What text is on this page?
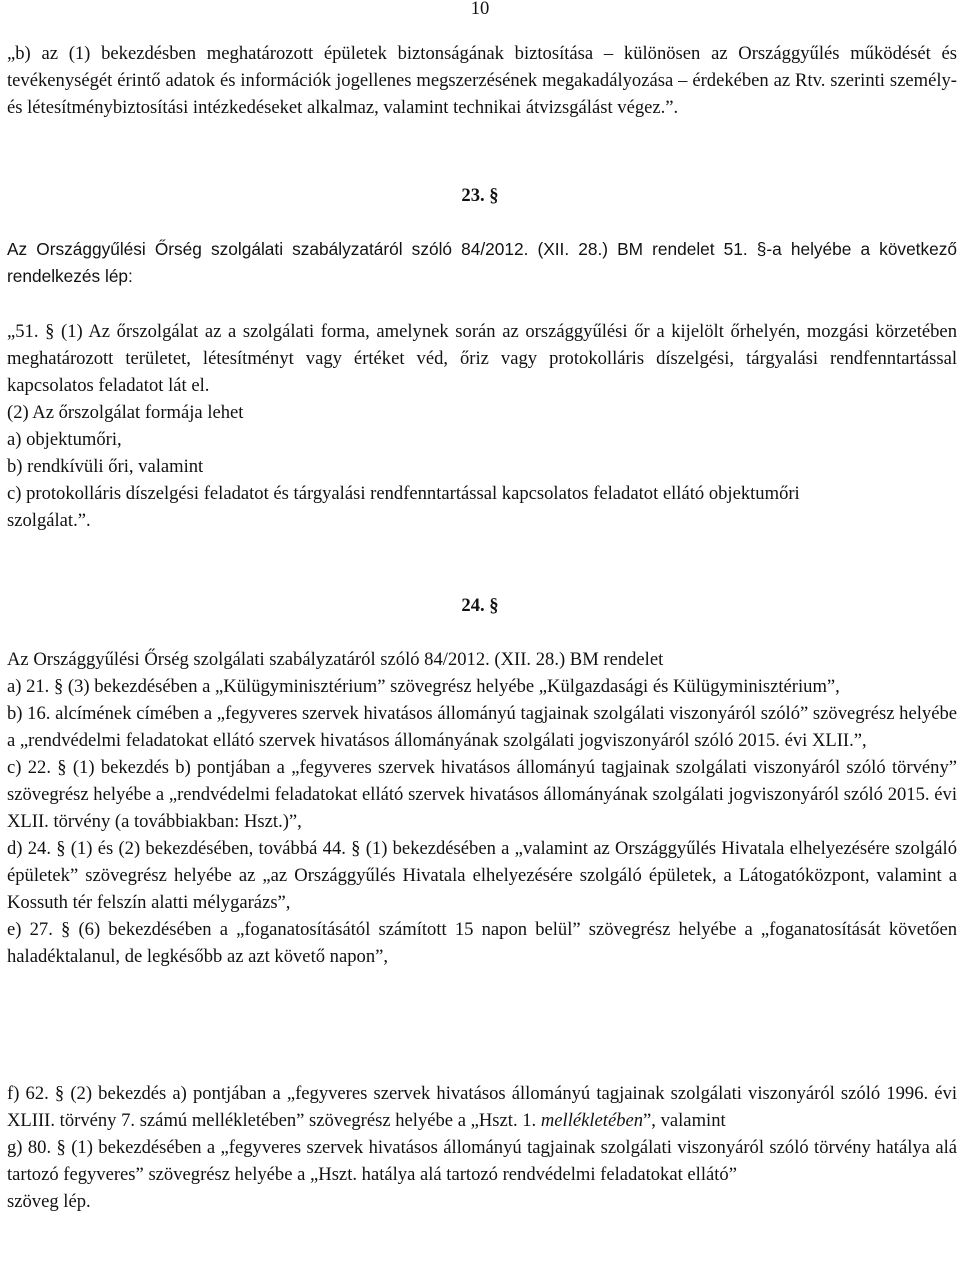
10

„b) az (1) bekezdésben meghatározott épületek biztonságának biztosítása – különösen az Országgyűlés működését és tevékenységét érintő adatok és információk jogellenes megszerzésének megakadályozása – érdekében az Rtv. szerinti személy- és létesítménybiztosítási intézkedéseket alkalmaz, valamint technikai átvizsgálást végez.”.

23. §

Az Országgyűlési Őrség szolgálati szabályzatáról szóló 84/2012. (XII. 28.) BM rendelet 51. §-a helyébe a következő rendelkezés lép:

„51. § (1) Az őrszolgálat az a szolgálati forma, amelynek során az országgyűlési őr a kijelölt őrhelyén, mozgási körzetében meghatározott területet, létesítményt vagy értéket véd, őriz vagy protokolláris díszelgési, tárgyalási rendfenntartással kapcsolatos feladatot lát el.

(2) Az őrszolgálat formája lehet

a) objektumőri,

b) rendkívüli őri, valamint

c) protokolláris díszelgési feladatot és tárgyalási rendfenntartással kapcsolatos feladatot ellátó objektumőri

szolgálat.”.

24. §

Az Országgyűlési Őrség szolgálati szabályzatáról szóló 84/2012. (XII. 28.) BM rendelet

a) 21. § (3) bekezdésében a „Külügyminisztérium” szövegrész helyébe „Külgazdasági és Külügyminisztérium”,

b) 16. alcímének címében a „fegyveres szervek hivatásos állományú tagjainak szolgálati viszonyáról szóló” szövegrész helyébe a „rendvédelmi feladatokat ellátó szervek hivatásos állományának szolgálati jogviszonyáról szóló 2015. évi XLII.”,

c) 22. § (1) bekezdés b) pontjában a „fegyveres szervek hivatásos állományú tagjainak szolgálati viszonyáról szóló törvény” szövegrész helyébe a „rendvédelmi feladatokat ellátó szervek hivatásos állományának szolgálati jogviszonyáról szóló 2015. évi XLII. törvény (a továbbiakban: Hszt.)”,

d) 24. § (1) és (2) bekezdésében, továbbá 44. § (1) bekezdésében a „valamint az Országgyűlés Hivatala elhelyezésére szolgáló épületek” szövegrész helyébe az „az Országgyűlés Hivatala elhelyezésére szolgáló épületek, a Látogatóközpont, valamint a Kossuth tér felszín alatti mélygarázs”,

e) 27. § (6) bekezdésében a „foganatosításától számított 15 napon belül” szövegrész helyébe a „foganatosítását követően haladéktalanul, de legkésőbb az azt követő napon”,

f) 62. § (2) bekezdés a) pontjában a „fegyveres szervek hivatásos állományú tagjainak szolgálati viszonyáról szóló 1996. évi XLIII. törvény 7. számú mellékletében” szövegrész helyébe a „Hszt. 1. mellékletében”, valamint

g) 80. § (1) bekezdésében a „fegyveres szervek hivatásos állományú tagjainak szolgálati viszonyáról szóló törvény hatálya alá tartozó fegyveres” szövegrész helyébe a „Hszt. hatálya alá tartozó rendvédelmi feladatokat ellátó”

szöveg lép.
